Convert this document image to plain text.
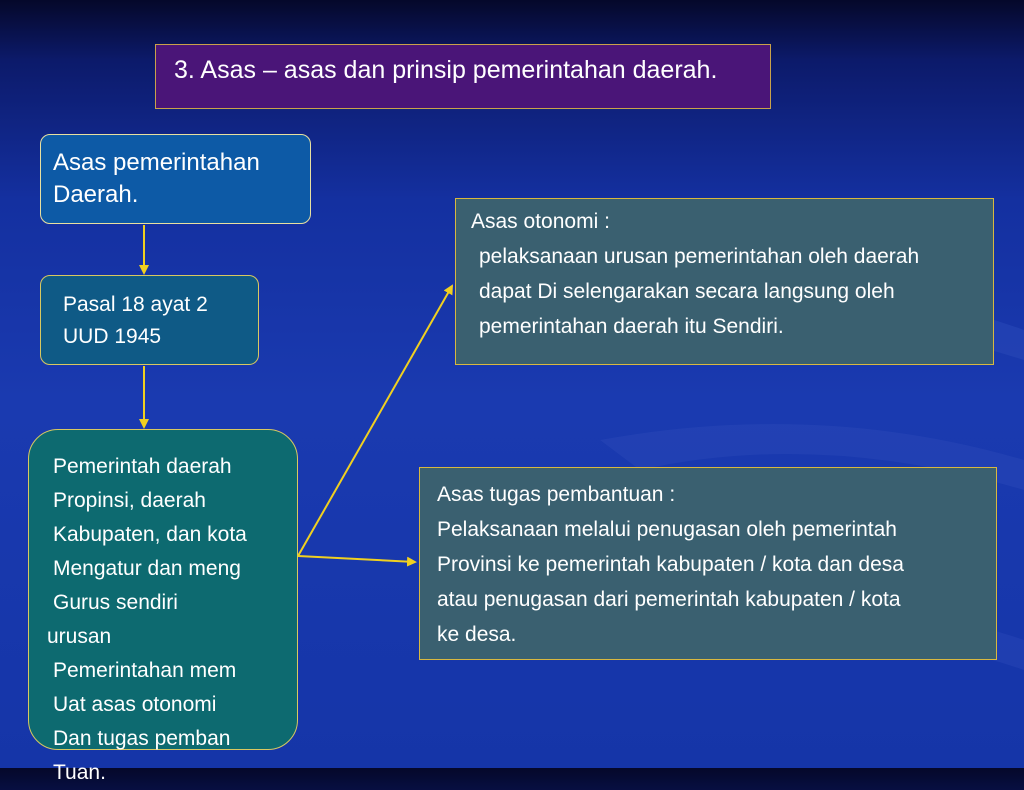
3. Asas – asas dan prinsip pemerintahan daerah.
Asas pemerintahan
Daerah.
Pasal 18 ayat 2
UUD 1945
Pemerintah daerah
Propinsi, daerah
Kabupaten, dan kota
Mengatur dan meng
Gurus sendiri
urusan
Pemerintahan mem
Uat asas otonomi
Dan tugas pemban
Tuan.
Asas otonomi :
pelaksanaan urusan pemerintahan oleh daerah
dapat Di selengarakan secara langsung oleh
pemerintahan daerah itu Sendiri.
Asas tugas pembantuan :
Pelaksanaan melalui penugasan oleh pemerintah
Provinsi ke pemerintah kabupaten / kota dan desa
atau penugasan dari pemerintah kabupaten / kota
ke desa.
